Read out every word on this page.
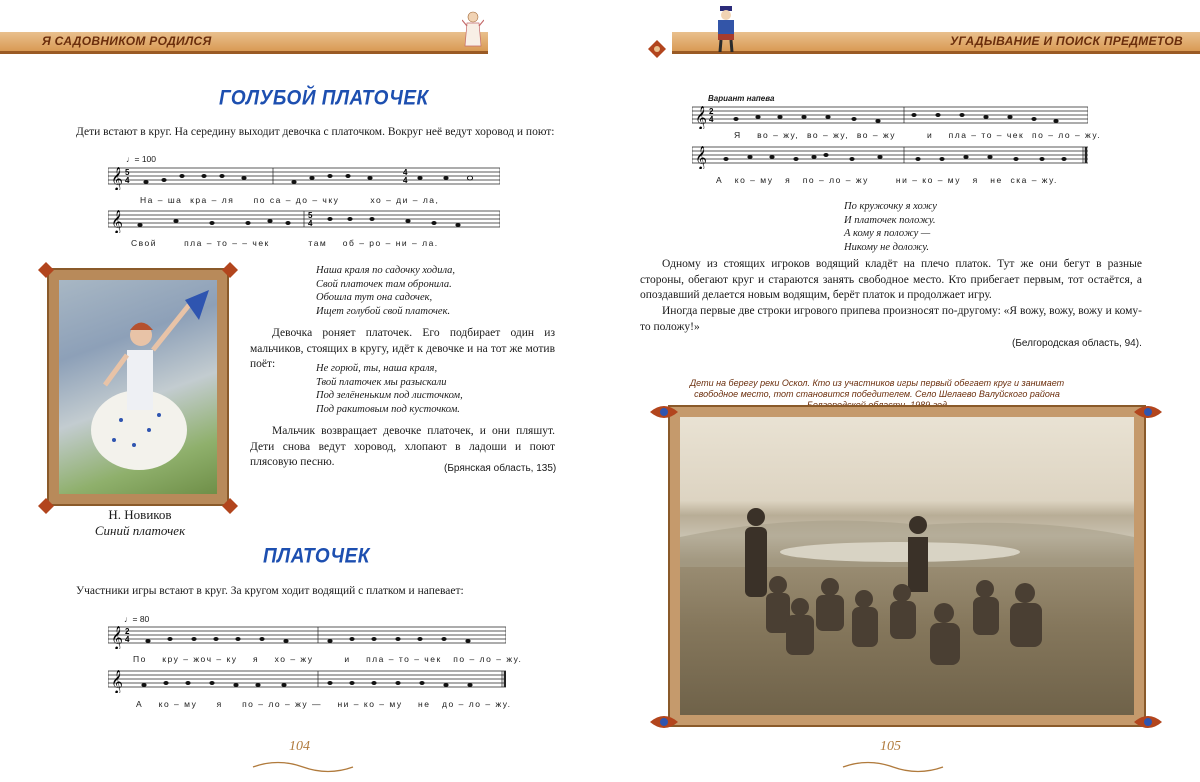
Я САДОВНИКОМ РОДИЛСЯ
ГОЛУБОЙ ПЛАТОЧЕК
Дети встают в круг. На середину выходит девочка с платочком. Вокруг неё ведут хоровод и поют:
♩= 100
𝄞 5
4
4
4
На – ша кра – ля по са – до – чку	хо – ди – ла,
𝄞	5
4
Свой	пла – то – – чек	там об – ро – ни – ла.
Н. Новиков
Синий платочек
Наша краля по садочку ходила,
Свой платочек там обронила.
Обошла тут она садочек,
Ищет голубой свой платочек.
Девочка роняет платочек. Его подбирает один из мальчиков, стоящих в кругу, идёт к девочке и на тот же мотив поёт:	Не горюй, ты, наша краля,
Твой платочек мы разыскали
Под зелёненьким под листочком,
Под ракитовым под кусточком.
Мальчик возвращает девочке платочек, и они пляшут. Дети снова ведут хоровод, хлопают в ладоши и поют плясовую песню.
(Брянская область, 135)
ПЛАТОЧЕК
Участники игры встают в круг. За кругом ходит водящий с платком и напевает:
♩= 80
𝄞 2
4
По кру – жоч – ку я хо – жу	и пла – то – чек по – ло – жу.
𝄞
А ко – му я по – ло – жу — ни – ко – му не до – ло – жу.
104
УГАДЫВАНИЕ И ПОИСК ПРЕДМЕТОВ
Вариант напева
𝄞 2
4
Я во – жу, во – жу, во – жу	и пла – то – чек по – ло – жу.
𝄞
А ко – му я по – ло – жу	ни – ко – му я не ска – жу.
По кружочку я хожу
И платочек положу.
А кому я положу —
Никому не доложу.
Одному из стоящих игроков водящий кладёт на плечо платок. Тут же они бегут в разные стороны, обегают круг и стараются занять свободное место. Кто прибегает первым, тот остаётся, а опоздавший делается новым водящим, берёт платок и продолжает игру.
Иногда первые две строки игрового припева произносят по-другому: «Я вожу, вожу, вожу и кому-то положу!»
(Белгородская область, 94).
Дети на берегу реки Оскол. Кто из участников игры первый обегает круг и занимает свободное место, тот становится победителем. Село Шелаево Валуйского района
105
